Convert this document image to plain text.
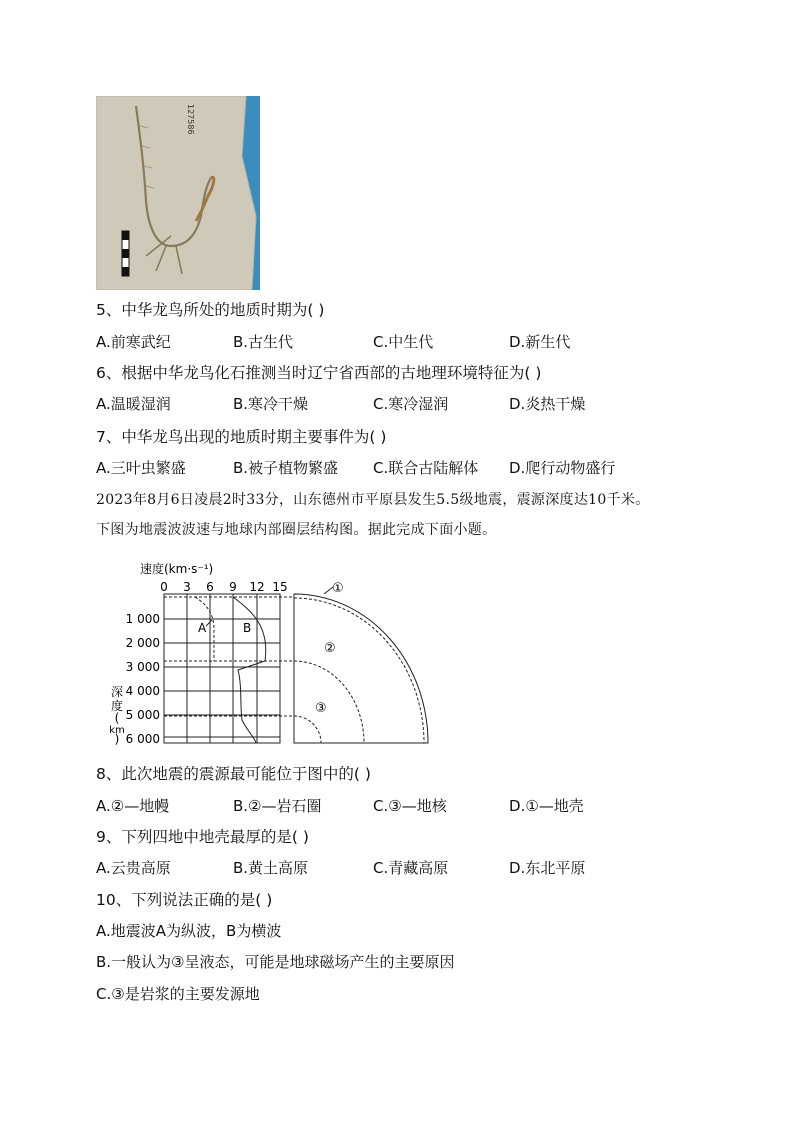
127586
5、中华龙鸟所处的地质时期为( )
A.前寒武纪	B.古生代	C.中生代	D.新生代
6、根据中华龙鸟化石推测当时辽宁省西部的古地理环境特征为( )
A.温暖湿润	B.寒冷干燥	C.寒冷湿润	D.炎热干燥
7、中华龙鸟出现的地质时期主要事件为( )
A.三叶虫繁盛	B.被子植物繁盛 C.联合古陆解体 D.爬行动物盛行
2023年8月6日凌晨2时33分，山东德州市平原县发生5.5级地震，震源深度达10千米。
下图为地震波波速与地球内部圈层结构图。据此完成下面小题。
速度(km·s⁻¹)
0 3 6 9 12 15
1 000
2 000
3 000
4 000
5 000
6 000
深
度
(
km
)
A	B
①
②
③
8、此次地震的震源最可能位于图中的( )
A.②—地幔	B.②—岩石圈	C.③—地核	D.①—地壳
9、下列四地中地壳最厚的是( )
A.云贵高原	B.黄土高原	C.青藏高原	D.东北平原
10、下列说法正确的是( )
A.地震波A为纵波，B为横波
B.一般认为③呈液态，可能是地球磁场产生的主要原因
C.③是岩浆的主要发源地
